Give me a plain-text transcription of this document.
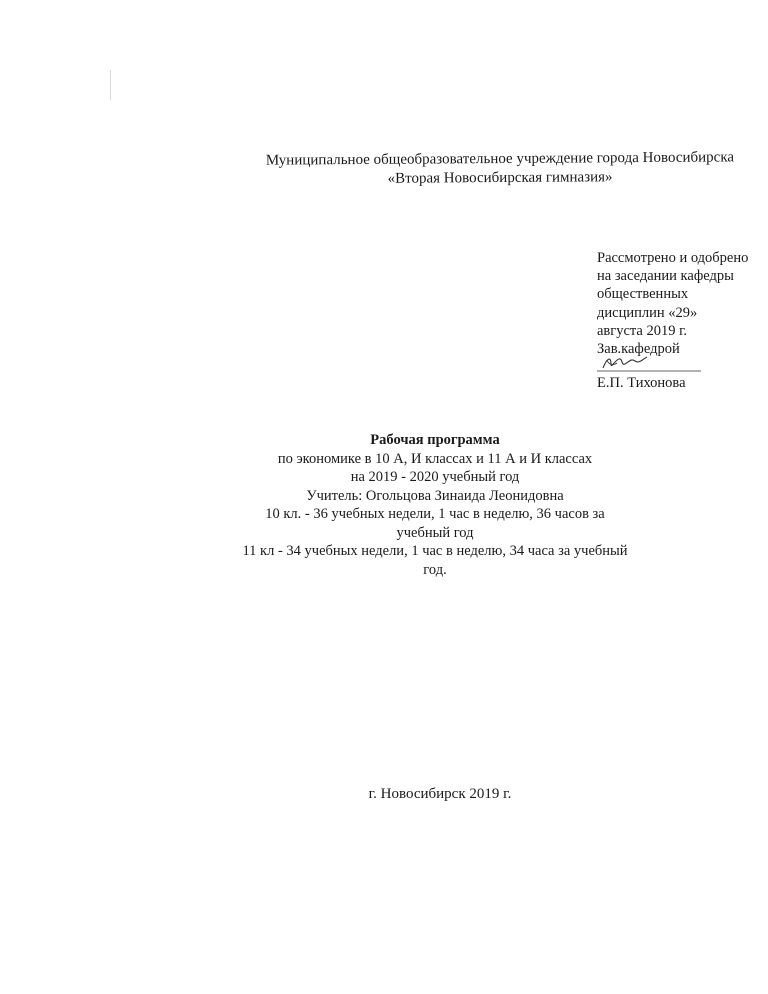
Муниципальное общеобразовательное учреждение города Новосибирска
«Вторая Новосибирская гимназия»
Рассмотрено и одобрено
на заседании кафедры
общественных
дисциплин «29»
августа 2019 г.
Зав.кафедрой
Е.П. Тихонова
Рабочая программа
по экономике в 10 А, И классах и 11 А и И классах
на 2019 - 2020 учебный год
Учитель: Огольцова Зинаида Леонидовна
10 кл. - 36 учебных недели, 1 час в неделю, 36 часов за
учебный год
11 кл - 34 учебных недели, 1 час в неделю, 34 часа за учебный
год.
г. Новосибирск 2019 г.
